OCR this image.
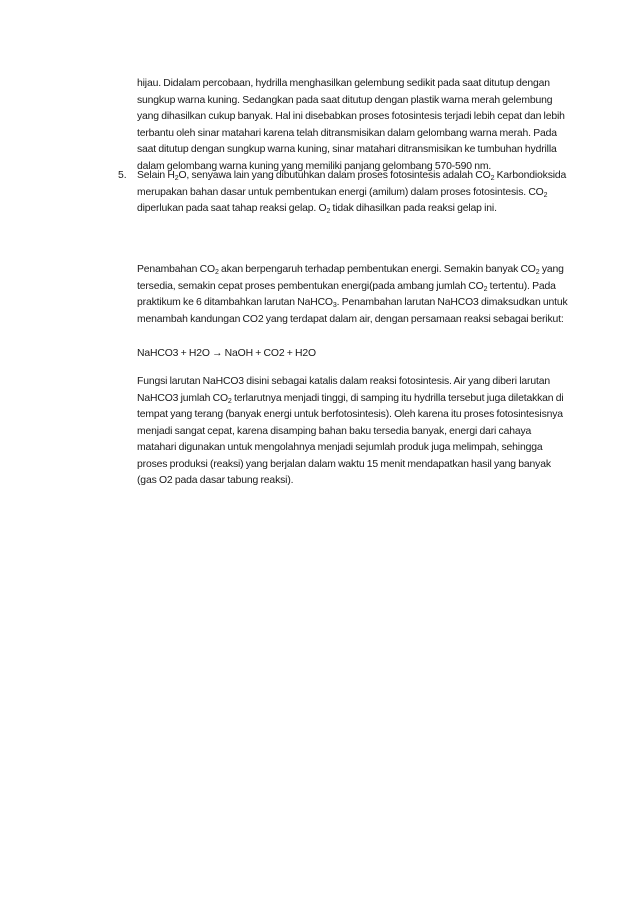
hijau. Didalam percobaan, hydrilla menghasilkan gelembung sedikit pada saat ditutup dengan sungkup warna kuning. Sedangkan pada saat ditutup dengan plastik warna merah gelembung yang dihasilkan cukup banyak. Hal ini disebabkan proses fotosintesis terjadi lebih cepat dan lebih terbantu oleh sinar matahari karena telah ditransmisikan dalam gelombang warna merah. Pada saat ditutup dengan sungkup warna kuning, sinar matahari ditransmisikan ke tumbuhan hydrilla dalam gelombang warna kuning yang memiliki panjang gelombang 570-590 nm.

5. Selain $H_2O$, senyawa lain yang dibutuhkan dalam proses fotosintesis adalah $CO_2$ Karbondioksida merupakan bahan dasar untuk pembentukan energi (amilum) dalam proses fotosintesis. $CO_2$ diperlukan pada saat tahap reaksi gelap. $O_2$ tidak dihasilkan pada reaksi gelap ini.

Penambahan $CO_2$ akan berpengaruh terhadap pembentukan energi. Semakin banyak $CO_2$ yang tersedia, semakin cepat proses pembentukan energi(pada ambang jumlah $CO_2$ tertentu). Pada praktikum ke 6 ditambahkan larutan NaHCO$_3$. Penambahan larutan NaHCO3 dimaksudkan untuk menambah kandungan CO2 yang terdapat dalam air, dengan persamaan reaksi sebagai berikut:

NaHCO3 + H2O → NaOH + CO2 + H2O

Fungsi larutan NaHCO3 disini sebagai katalis dalam reaksi fotosintesis. Air yang diberi larutan NaHCO3 jumlah $CO_2$ terlarutnya menjadi tinggi, di samping itu hydrilla tersebut juga diletakkan di tempat yang terang (banyak energi untuk berfotosintesis). Oleh karena itu proses fotosintesisnya menjadi sangat cepat, karena disamping bahan baku tersedia banyak, energi dari cahaya matahari digunakan untuk mengolahnya menjadi sejumlah produk juga melimpah, sehingga proses produksi (reaksi) yang berjalan dalam waktu 15 menit mendapatkan hasil yang banyak (gas O2 pada dasar tabung reaksi).
